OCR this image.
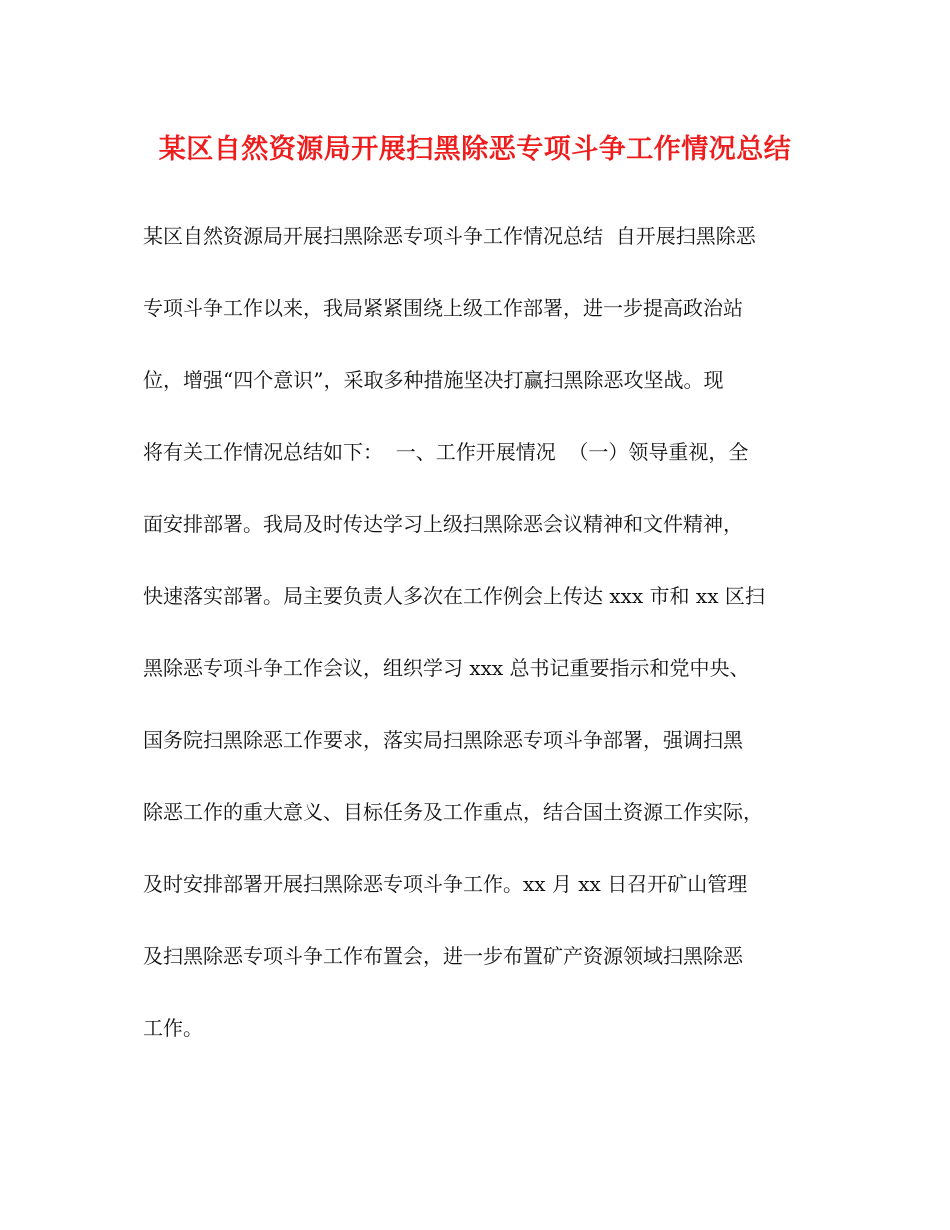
某区自然资源局开展扫黑除恶专项斗争工作情况总结
某区自然资源局开展扫黑除恶专项斗争工作情况总结  自开展扫黑除恶
专项斗争工作以来，我局紧紧围绕上级工作部署，进一步提高政治站
位，增强“四个意识”，采取多种措施坚决打赢扫黑除恶攻坚战。现
将有关工作情况总结如下：  一、工作开展情况  （一）领导重视，全
面安排部署。我局及时传达学习上级扫黑除恶会议精神和文件精神，
快速落实部署。局主要负责人多次在工作例会上传达 xxx 市和 xx 区扫
黑除恶专项斗争工作会议，组织学习 xxx 总书记重要指示和党中央、
国务院扫黑除恶工作要求，落实局扫黑除恶专项斗争部署，强调扫黑
除恶工作的重大意义、目标任务及工作重点，结合国土资源工作实际，
及时安排部署开展扫黑除恶专项斗争工作。xx 月 xx 日召开矿山管理
及扫黑除恶专项斗争工作布置会，进一步布置矿产资源领域扫黑除恶
工作。
